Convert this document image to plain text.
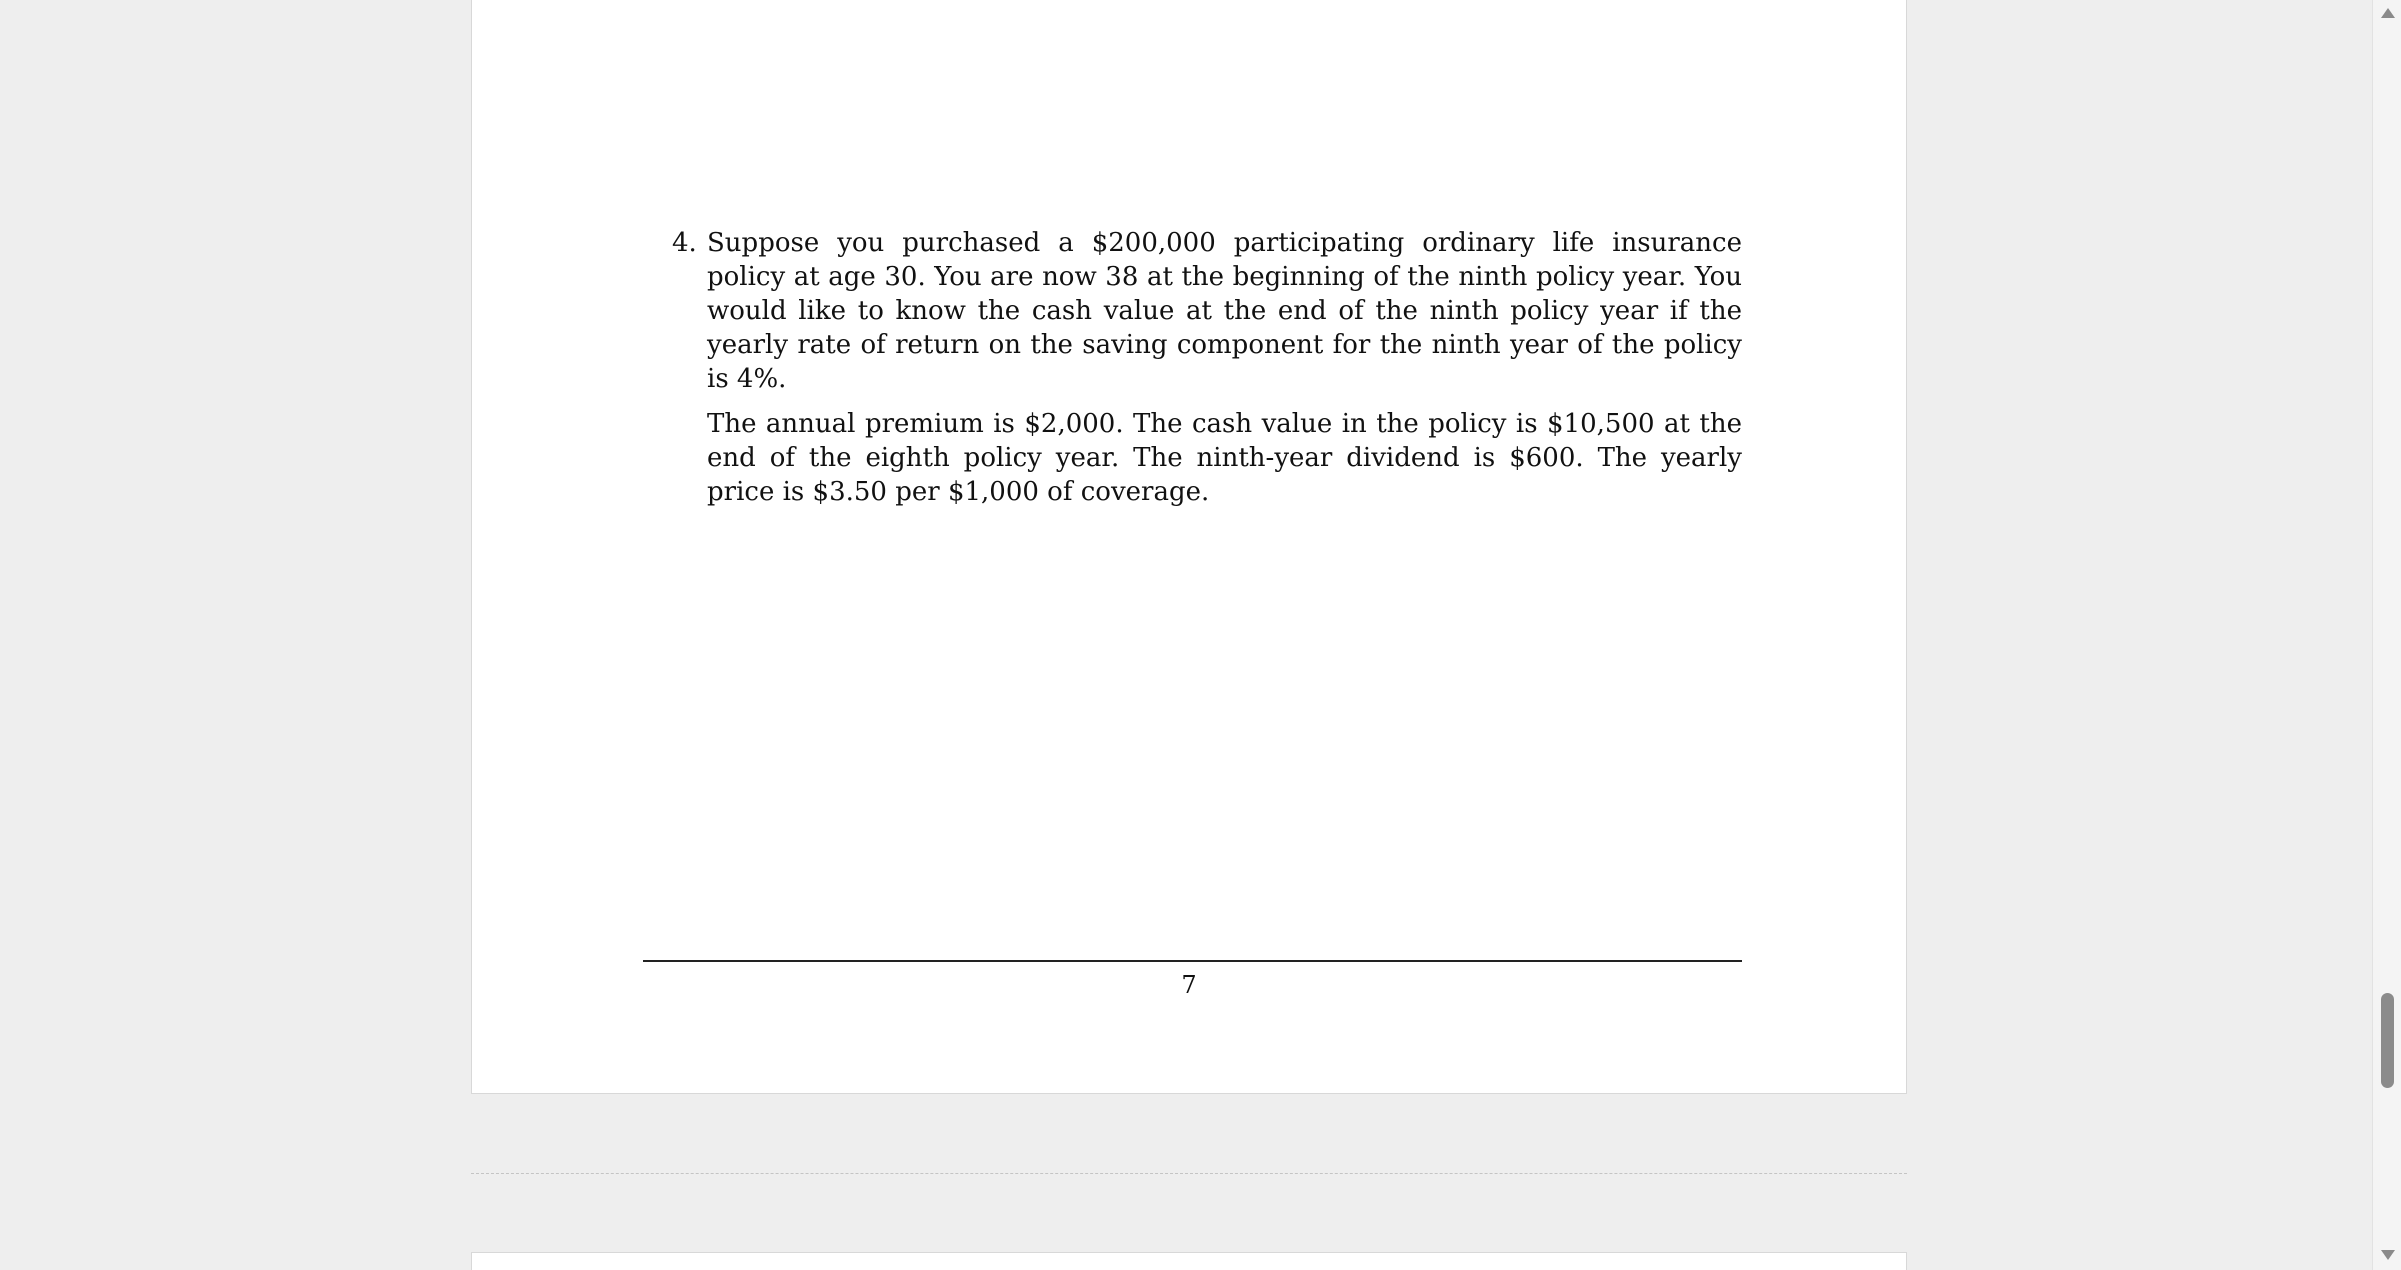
4. Suppose you purchased a $200,000 participating ordinary life insurance policy at age 30. You are now 38 at the beginning of the ninth policy year. You would like to know the cash value at the end of the ninth policy year if the yearly rate of return on the saving component for the ninth year of the policy is 4%.

The annual premium is $2,000. The cash value in the policy is $10,500 at the end of the eighth policy year. The ninth-year dividend is $600. The yearly price is $3.50 per $1,000 of coverage.

7
